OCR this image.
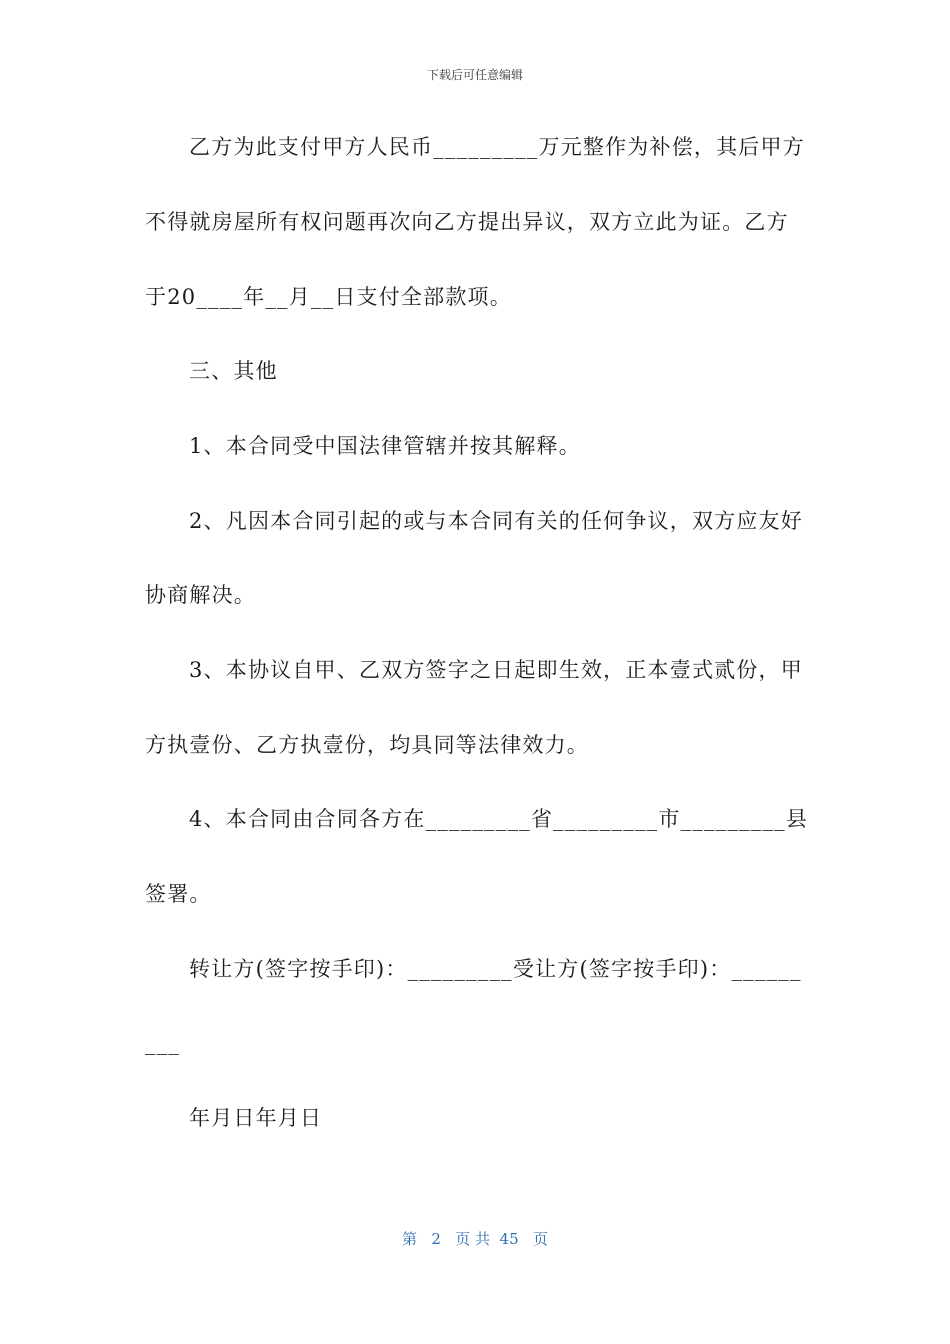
下载后可任意编辑
乙方为此支付甲方人民币_________万元整作为补偿，其后甲方
不得就房屋所有权问题再次向乙方提出异议，双方立此为证。乙方
于20____年__月__日支付全部款项。
三、其他
1、本合同受中国法律管辖并按其解释。
2、凡因本合同引起的或与本合同有关的任何争议，双方应友好
协商解决。
3、本协议自甲、乙双方签字之日起即生效，正本壹式贰份，甲
方执壹份、乙方执壹份，均具同等法律效力。
4、本合同由合同各方在_________省_________市_________县
签署。
转让方(签字按手印)：_________受让方(签字按手印)：______
___
年月日年月日
第 2 页 共 45 页
